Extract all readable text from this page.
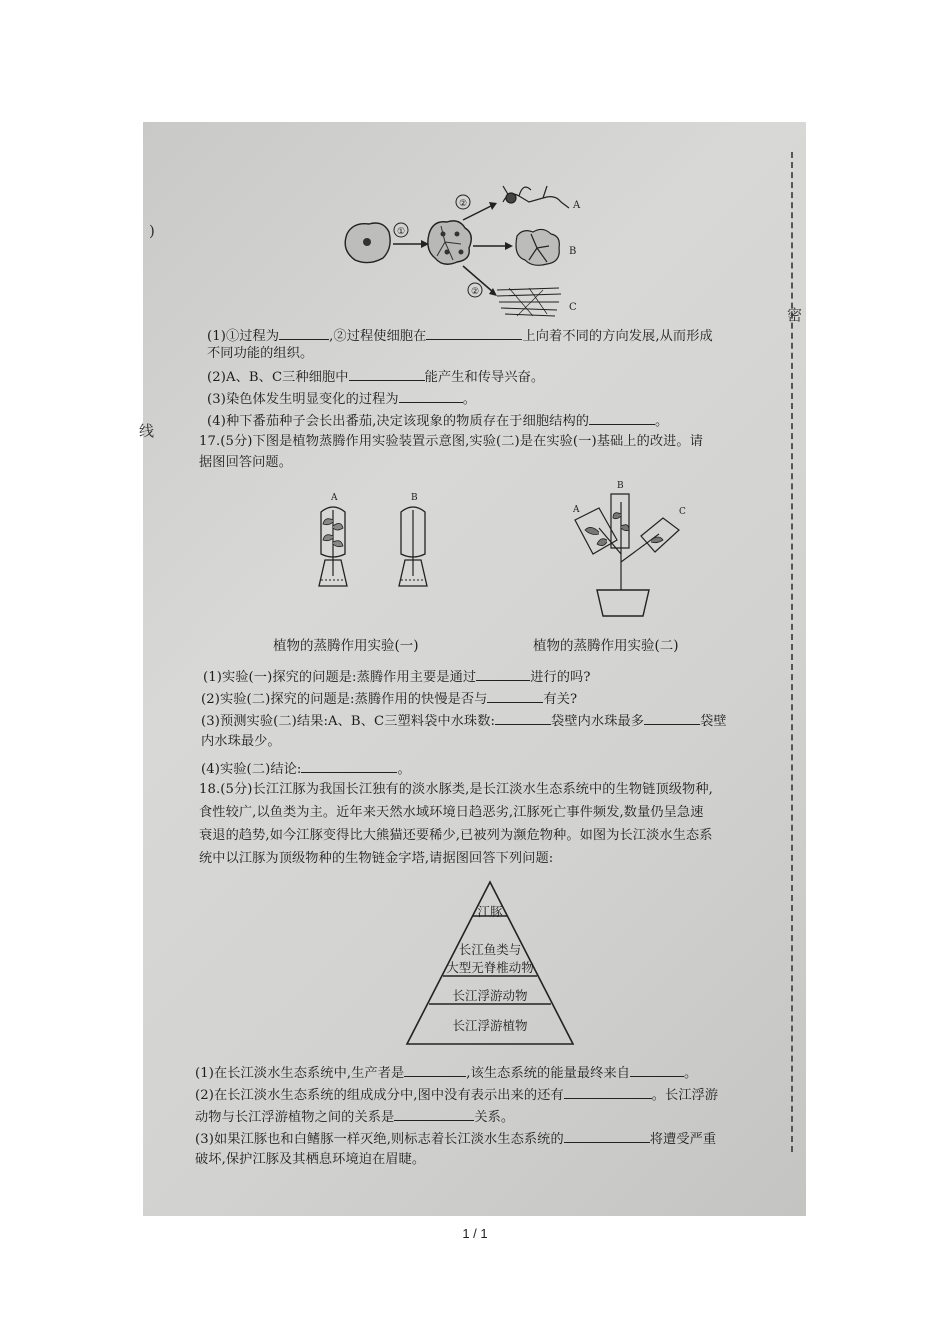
密
)
线
①
②
②
A
B
C
(1)①过程为	,②过程使细胞在	上向着不同的方向发展,从而形成
不同功能的组织。
(2)A、B、C三种细胞中	能产生和传导兴奋。
(3)染色体发生明显变化的过程为	。
(4)种下番茄种子会长出番茄,决定该现象的物质存在于细胞结构的	。
17.(5分)下图是植物蒸腾作用实验装置示意图,实验(二)是在实验(一)基础上的改进。请
据图回答问题。
A	B
A
B
C
植物的蒸腾作用实验(一)	植物的蒸腾作用实验(二)
(1)实验(一)探究的问题是:蒸腾作用主要是通过	进行的吗?
(2)实验(二)探究的问题是:蒸腾作用的快慢是否与	有关?
(3)预测实验(二)结果:A、B、C三塑料袋中水珠数:	袋壁内水珠最多	袋壁
内水珠最少。
(4)实验(二)结论:	。
18.(5分)长江江豚为我国长江独有的淡水豚类,是长江淡水生态系统中的生物链顶级物种,
食性较广,以鱼类为主。近年来天然水域环境日趋恶劣,江豚死亡事件频发,数量仍呈急速
衰退的趋势,如今江豚变得比大熊猫还要稀少,已被列为濒危物种。如图为长江淡水生态系
统中以江豚为顶级物种的生物链金字塔,请据图回答下列问题:
江豚
长江鱼类与
大型无脊椎动物
长江浮游动物
长江浮游植物
(1)在长江淡水生态系统中,生产者是	,该生态系统的能量最终来自	。
(2)在长江淡水生态系统的组成成分中,图中没有表示出来的还有	。长江浮游
动物与长江浮游植物之间的关系是	关系。
(3)如果江豚也和白鳍豚一样灭绝,则标志着长江淡水生态系统的	将遭受严重
破坏,保护江豚及其栖息环境迫在眉睫。
1 / 1
